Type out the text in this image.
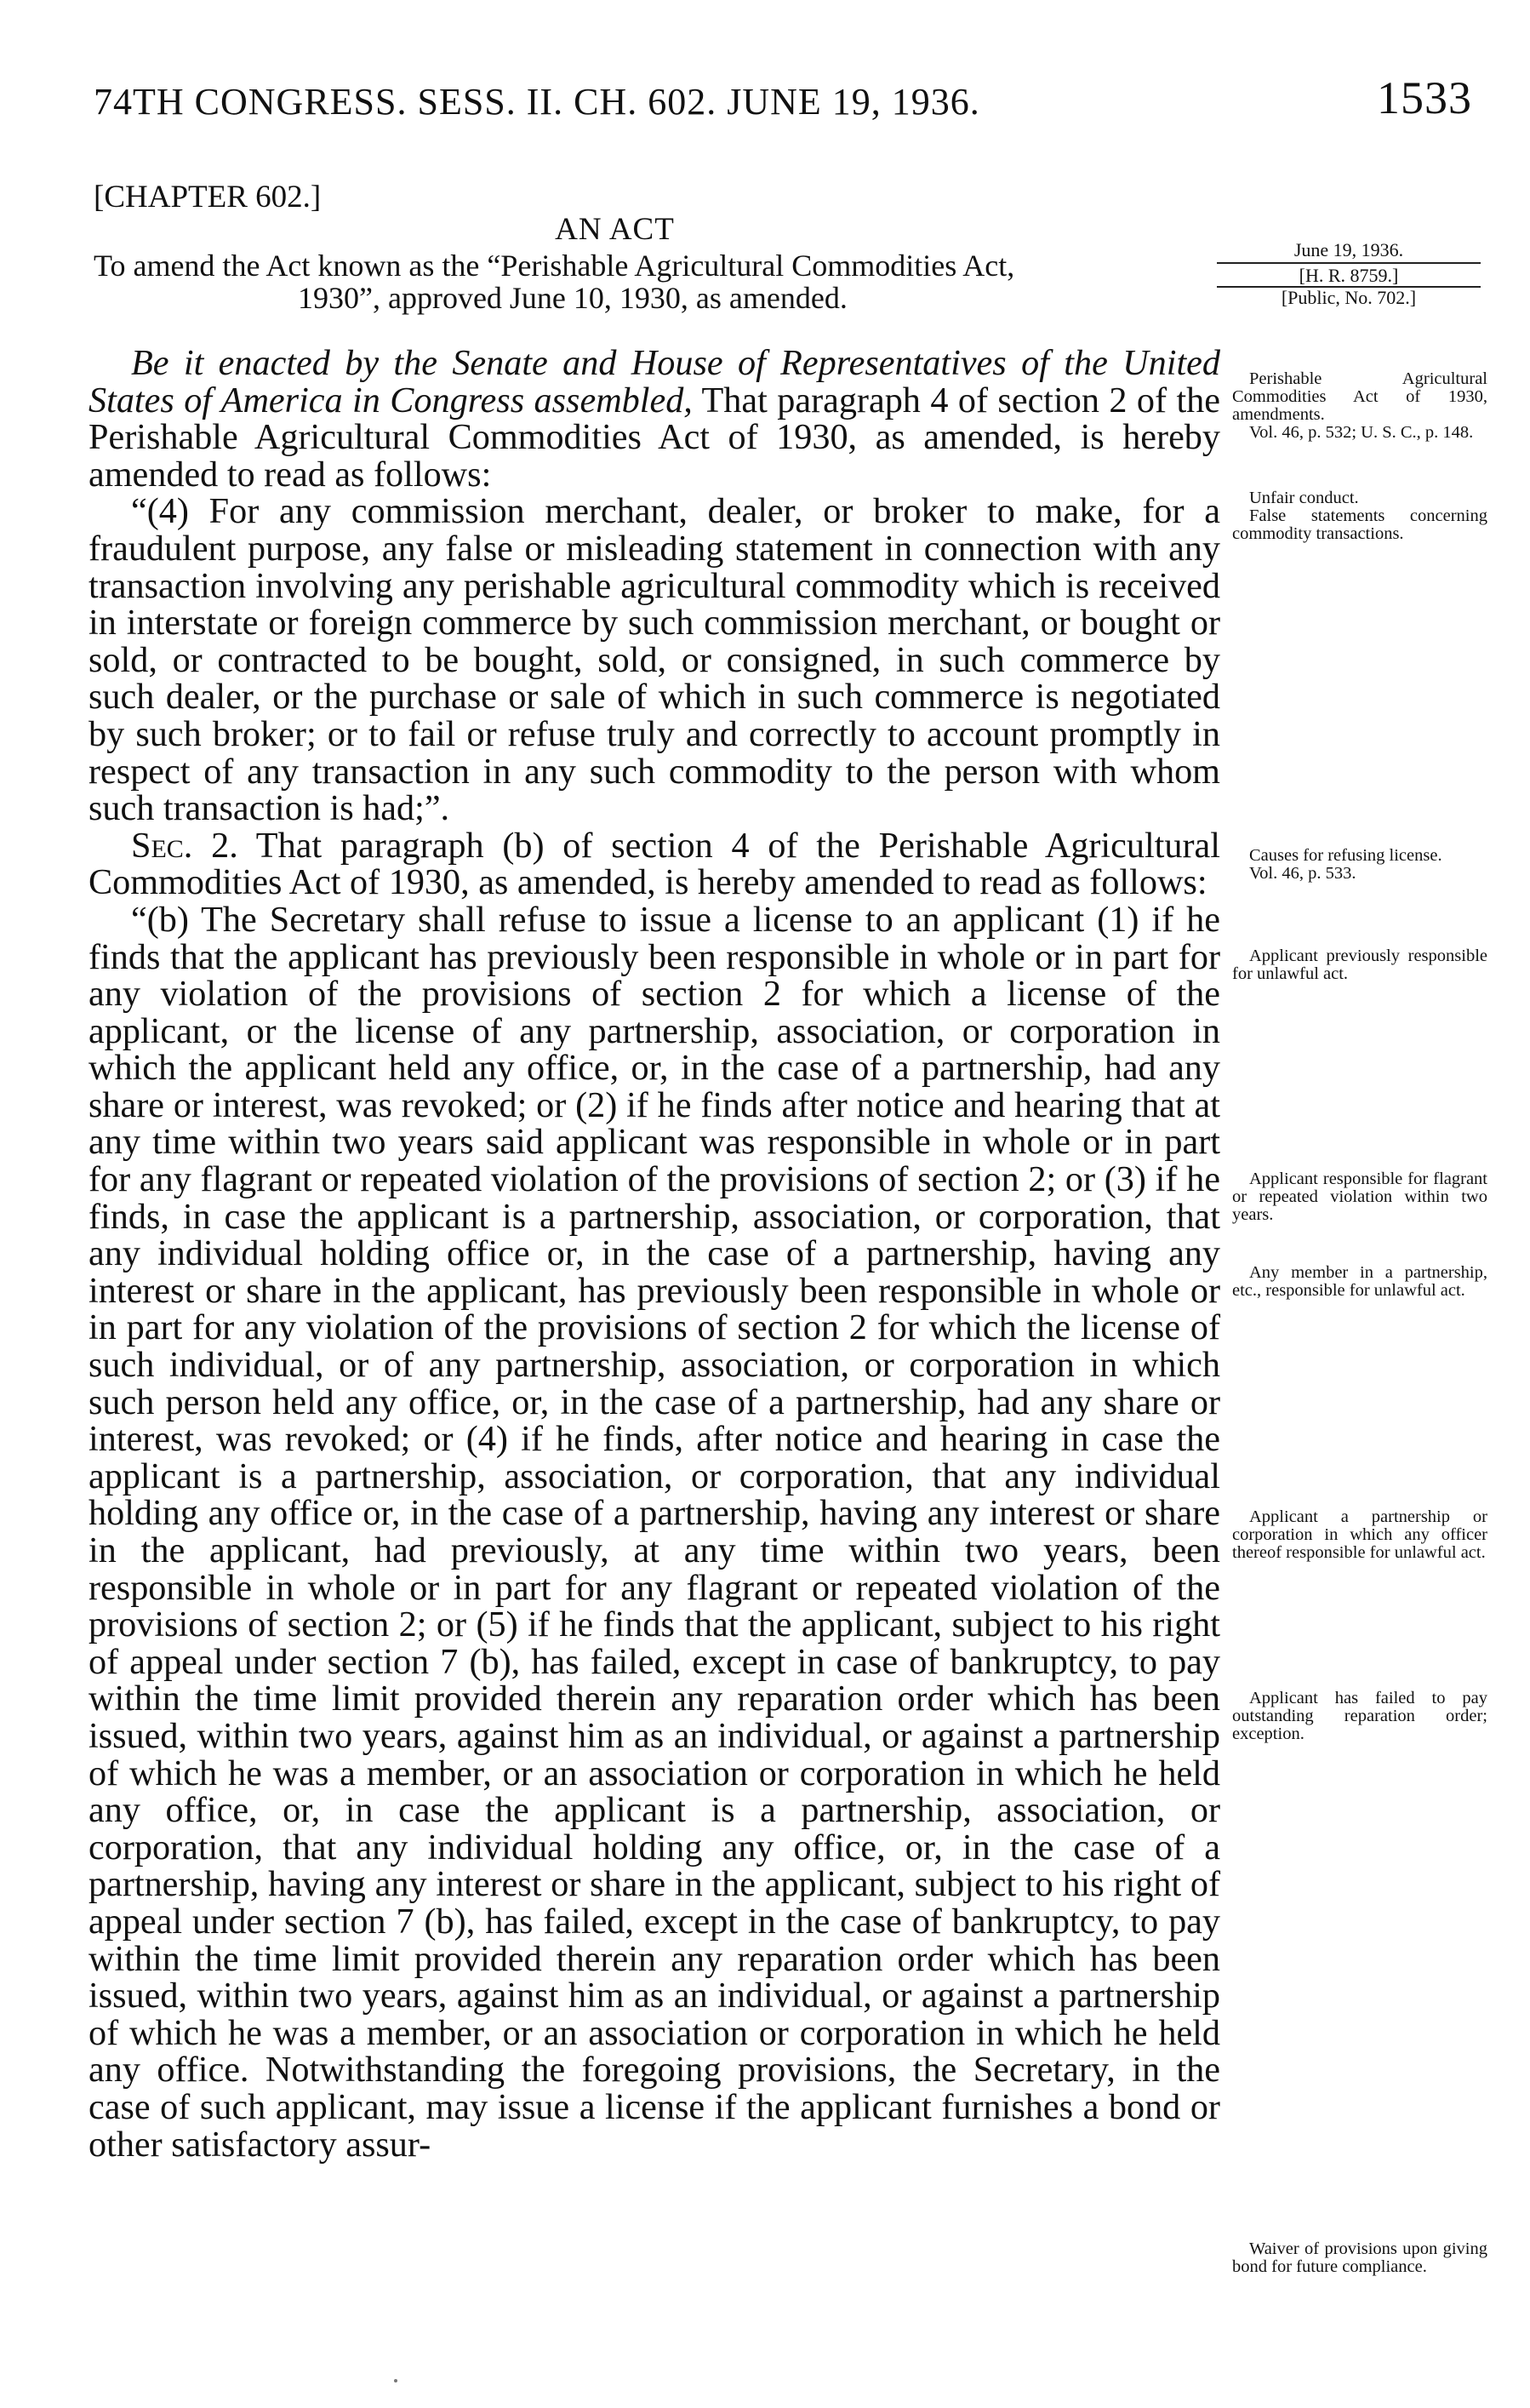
74TH CONGRESS. SESS. II. CH. 602. JUNE 19, 1936.	1533
[CHAPTER 602.]
AN ACT
To amend the Act known as the “Perishable Agricultural Commodities Act,
1930”, approved June 10, 1930, as amended.
June 19, 1936.
[H. R. 8759.]
[Public, No. 702.]

Be it enacted by the Senate and House of Representatives of the United States of America in Congress assembled, That paragraph 4 of section 2 of the Perishable Agricultural Commodities Act of 1930, as amended, is hereby amended to read as follows:

“(4) For any commission merchant, dealer, or broker to make, for a fraudulent purpose, any false or misleading statement in connection with any transaction involving any perishable agricultural commodity which is received in interstate or foreign commerce by such commission merchant, or bought or sold, or contracted to be bought, sold, or consigned, in such commerce by such dealer, or the purchase or sale of which in such commerce is negotiated by such broker; or to fail or refuse truly and correctly to account promptly in respect of any transaction in any such commodity to the person with whom such transaction is had;”.

Sec. 2. That paragraph (b) of section 4 of the Perishable Agricultural Commodities Act of 1930, as amended, is hereby amended to read as follows:

“(b) The Secretary shall refuse to issue a license to an applicant (1) if he finds that the applicant has previously been responsible in whole or in part for any violation of the provisions of section 2 for which a license of the applicant, or the license of any partnership, association, or corporation in which the applicant held any office, or, in the case of a partnership, had any share or interest, was revoked; or (2) if he finds after notice and hearing that at any time within two years said applicant was responsible in whole or in part for any flagrant or repeated violation of the provisions of section 2; or (3) if he finds, in case the applicant is a partnership, association, or corporation, that any individual holding office or, in the case of a partnership, having any interest or share in the applicant, has previously been responsible in whole or in part for any violation of the provisions of section 2 for which the license of such individual, or of any partnership, association, or corporation in which such person held any office, or, in the case of a partnership, had any share or interest, was revoked; or (4) if he finds, after notice and hearing in case the applicant is a partnership, association, or corporation, that any individual holding any office or, in the case of a partnership, having any interest or share in the applicant, had previously, at any time within two years, been responsible in whole or in part for any flagrant or repeated violation of the provisions of section 2; or (5) if he finds that the applicant, subject to his right of appeal under section 7 (b), has failed, except in case of bankruptcy, to pay within the time limit provided therein any reparation order which has been issued, within two years, against him as an individual, or against a partnership of which he was a member, or an association or corporation in which he held any office, or, in case the applicant is a partnership, association, or corporation, that any individual holding any office, or, in the case of a partnership, having any interest or share in the applicant, subject to his right of appeal under section 7 (b), has failed, except in the case of bankruptcy, to pay within the time limit provided therein any reparation order which has been issued, within two years, against him as an individual, or against a partnership of which he was a member, or an association or corporation in which he held any office. Notwithstanding the foregoing provisions, the Secretary, in the case of such applicant, may issue a license if the applicant furnishes a bond or other satisfactory assur-

Perishable Agricultural Commodities Act of 1930, amendments.
Vol. 46, p. 532; U. S. C., p. 148.
Unfair conduct.
False statements concerning commodity transactions.
Causes for refusing license.
Vol. 46, p. 533.
Applicant previously responsible for unlawful act.
Applicant responsible for flagrant or repeated violation within two years.
Any member in a partnership, etc., responsible for unlawful act.
Applicant a partnership or corporation in which any officer thereof responsible for unlawful act.
Applicant has failed to pay outstanding reparation order; exception.
Waiver of provisions upon giving bond for future compliance.
